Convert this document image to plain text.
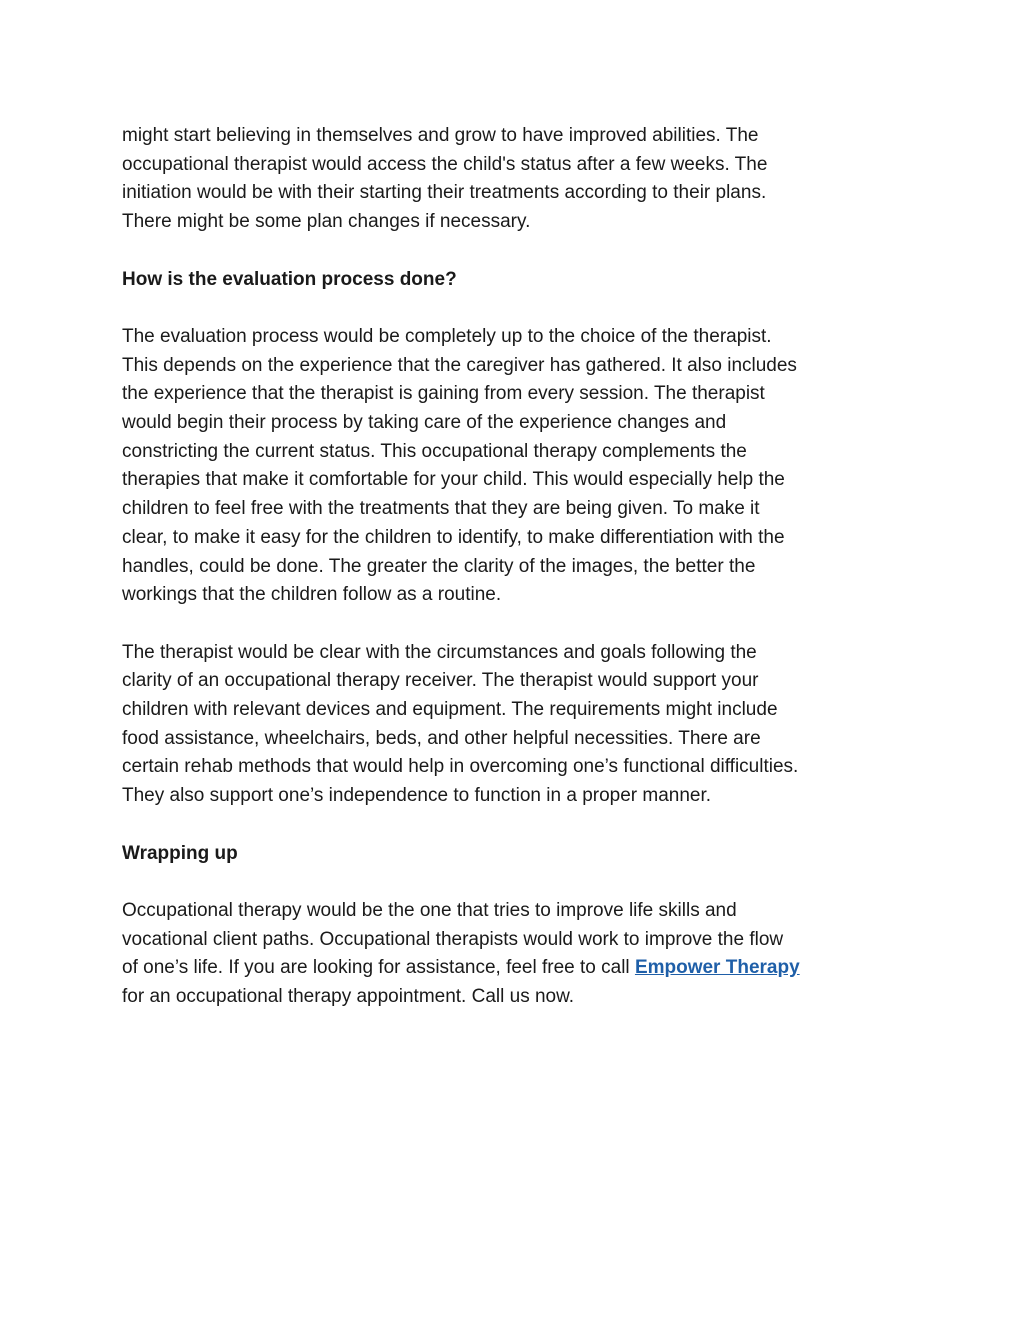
might start believing in themselves and grow to have improved abilities. The
occupational therapist would access the child's status after a few weeks. The
initiation would be with their starting their treatments according to their plans.
There might be some plan changes if necessary.

How is the evaluation process done?

The evaluation process would be completely up to the choice of the therapist.
This depends on the experience that the caregiver has gathered. It also includes
the experience that the therapist is gaining from every session. The therapist
would begin their process by taking care of the experience changes and
constricting the current status. This occupational therapy complements the
therapies that make it comfortable for your child. This would especially help the
children to feel free with the treatments that they are being given. To make it
clear, to make it easy for the children to identify, to make differentiation with the
handles, could be done. The greater the clarity of the images, the better the
workings that the children follow as a routine.

The therapist would be clear with the circumstances and goals following the
clarity of an occupational therapy receiver. The therapist would support your
children with relevant devices and equipment. The requirements might include
food assistance, wheelchairs, beds, and other helpful necessities. There are
certain rehab methods that would help in overcoming one’s functional difficulties.
They also support one’s independence to function in a proper manner.

Wrapping up

Occupational therapy would be the one that tries to improve life skills and
vocational client paths. Occupational therapists would work to improve the flow
of one’s life. If you are looking for assistance, feel free to call Empower Therapy
for an occupational therapy appointment. Call us now.
